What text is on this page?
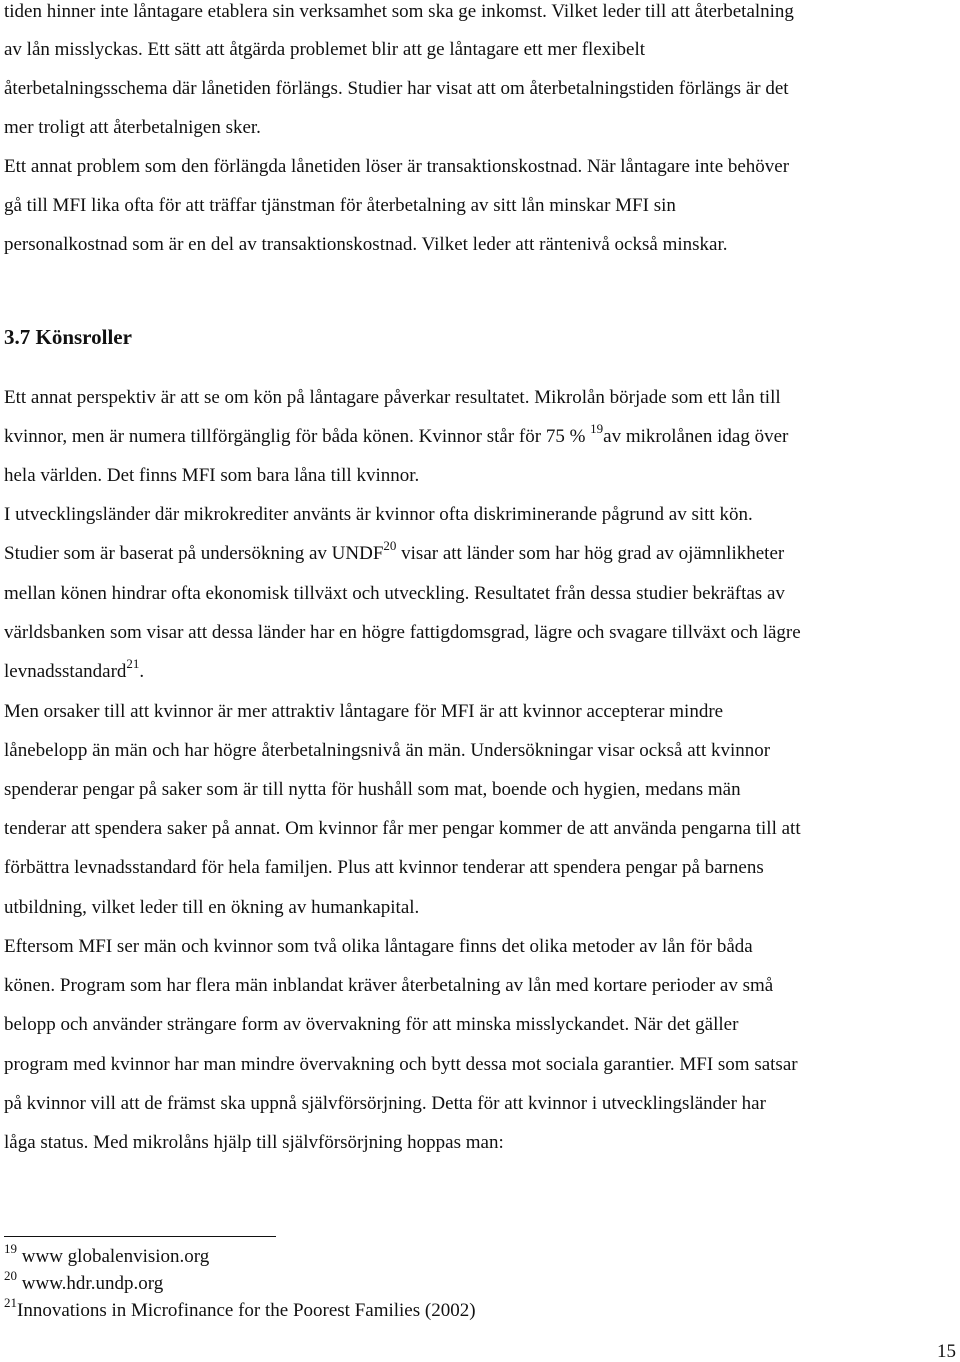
tiden hinner inte låntagare etablera sin verksamhet som ska ge inkomst. Vilket leder till att återbetalning
av lån misslyckas. Ett sätt att åtgärda problemet blir att ge låntagare ett mer flexibelt
återbetalningsschema där lånetiden förlängs. Studier har visat att om återbetalningstiden förlängs är det
mer troligt att återbetalnigen sker.
Ett annat problem som den förlängda lånetiden löser är transaktionskostnad. När låntagare inte behöver
gå till MFI lika ofta för att träffar tjänstman för återbetalning av sitt lån minskar MFI sin
personalkostnad som är en del av transaktionskostnad. Vilket leder att räntenivå också minskar.
3.7 Könsroller
Ett annat perspektiv är att se om kön på låntagare påverkar resultatet. Mikrolån började som ett lån till
kvinnor, men är numera tillförgänglig för båda könen. Kvinnor står för 75 % $^{19}$av mikrolånen idag över
hela världen. Det finns MFI som bara låna till kvinnor.
I utvecklingsländer där mikrokrediter använts är kvinnor ofta diskriminerande pågrund av sitt kön.
Studier som är baserat på undersökning av UNDF$^{20}$ visar att länder som har hög grad av ojämnlikheter
mellan könen hindrar ofta ekonomisk tillväxt och utveckling. Resultatet från dessa studier bekräftas av
världsbanken som visar att dessa länder har en högre fattigdomsgrad, lägre och svagare tillväxt och lägre
levnadsstandard$^{21}$.
Men orsaker till att kvinnor är mer attraktiv låntagare för MFI är att kvinnor accepterar mindre
lånebelopp än män och har högre återbetalningsnivå än män. Undersökningar visar också att kvinnor
spenderar pengar på saker som är till nytta för hushåll som mat, boende och hygien, medans män
tenderar att spendera saker på annat. Om kvinnor får mer pengar kommer de att använda pengarna till att
förbättra levnadsstandard för hela familjen. Plus att kvinnor tenderar att spendera pengar på barnens
utbildning, vilket leder till en ökning av humankapital.
Eftersom MFI ser män och kvinnor som två olika låntagare finns det olika metoder av lån för båda
könen. Program som har flera män inblandat kräver återbetalning av lån med kortare perioder av små
belopp och använder strängare form av övervakning för att minska misslyckandet. När det gäller
program med kvinnor har man mindre övervakning och bytt dessa mot sociala garantier. MFI som satsar
på kvinnor vill att de främst ska uppnå självförsörjning. Detta för att kvinnor i utvecklingsländer har
låga status. Med mikrolåns hjälp till självförsörjning hoppas man:
$^{19}$ www globalenvision.org
$^{20}$ www.hdr.undp.org
$^{21}$Innovations in Microfinance for the Poorest Families (2002)
15
